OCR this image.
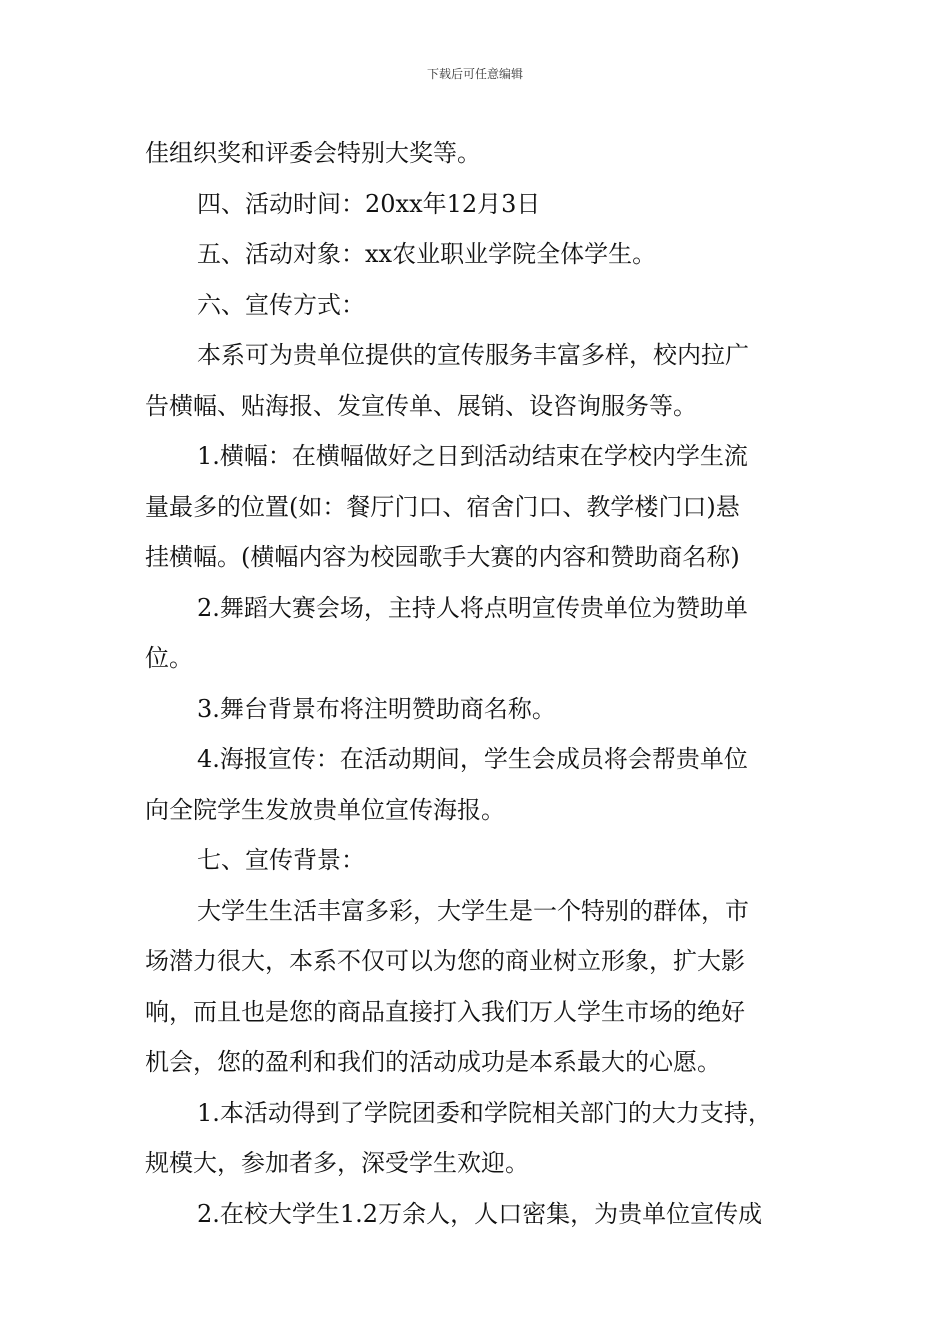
下载后可任意编辑
佳组织奖和评委会特别大奖等。
四、活动时间：20xx年12月3日
五、活动对象：xx农业职业学院全体学生。
六、宣传方式：
本系可为贵单位提供的宣传服务丰富多样，校内拉广
告横幅、贴海报、发宣传单、展销、设咨询服务等。
1.横幅：在横幅做好之日到活动结束在学校内学生流
量最多的位置(如：餐厅门口、宿舍门口、教学楼门口)悬
挂横幅。(横幅内容为校园歌手大赛的内容和赞助商名称)
2.舞蹈大赛会场，主持人将点明宣传贵单位为赞助单
位。
3.舞台背景布将注明赞助商名称。
4.海报宣传：在活动期间，学生会成员将会帮贵单位
向全院学生发放贵单位宣传海报。
七、宣传背景：
大学生生活丰富多彩，大学生是一个特别的群体，市
场潜力很大，本系不仅可以为您的商业树立形象，扩大影
响，而且也是您的商品直接打入我们万人学生市场的绝好
机会，您的盈利和我们的活动成功是本系最大的心愿。
1.本活动得到了学院团委和学院相关部门的大力支持，
规模大，参加者多，深受学生欢迎。
2.在校大学生1.2万余人，人口密集，为贵单位宣传成
